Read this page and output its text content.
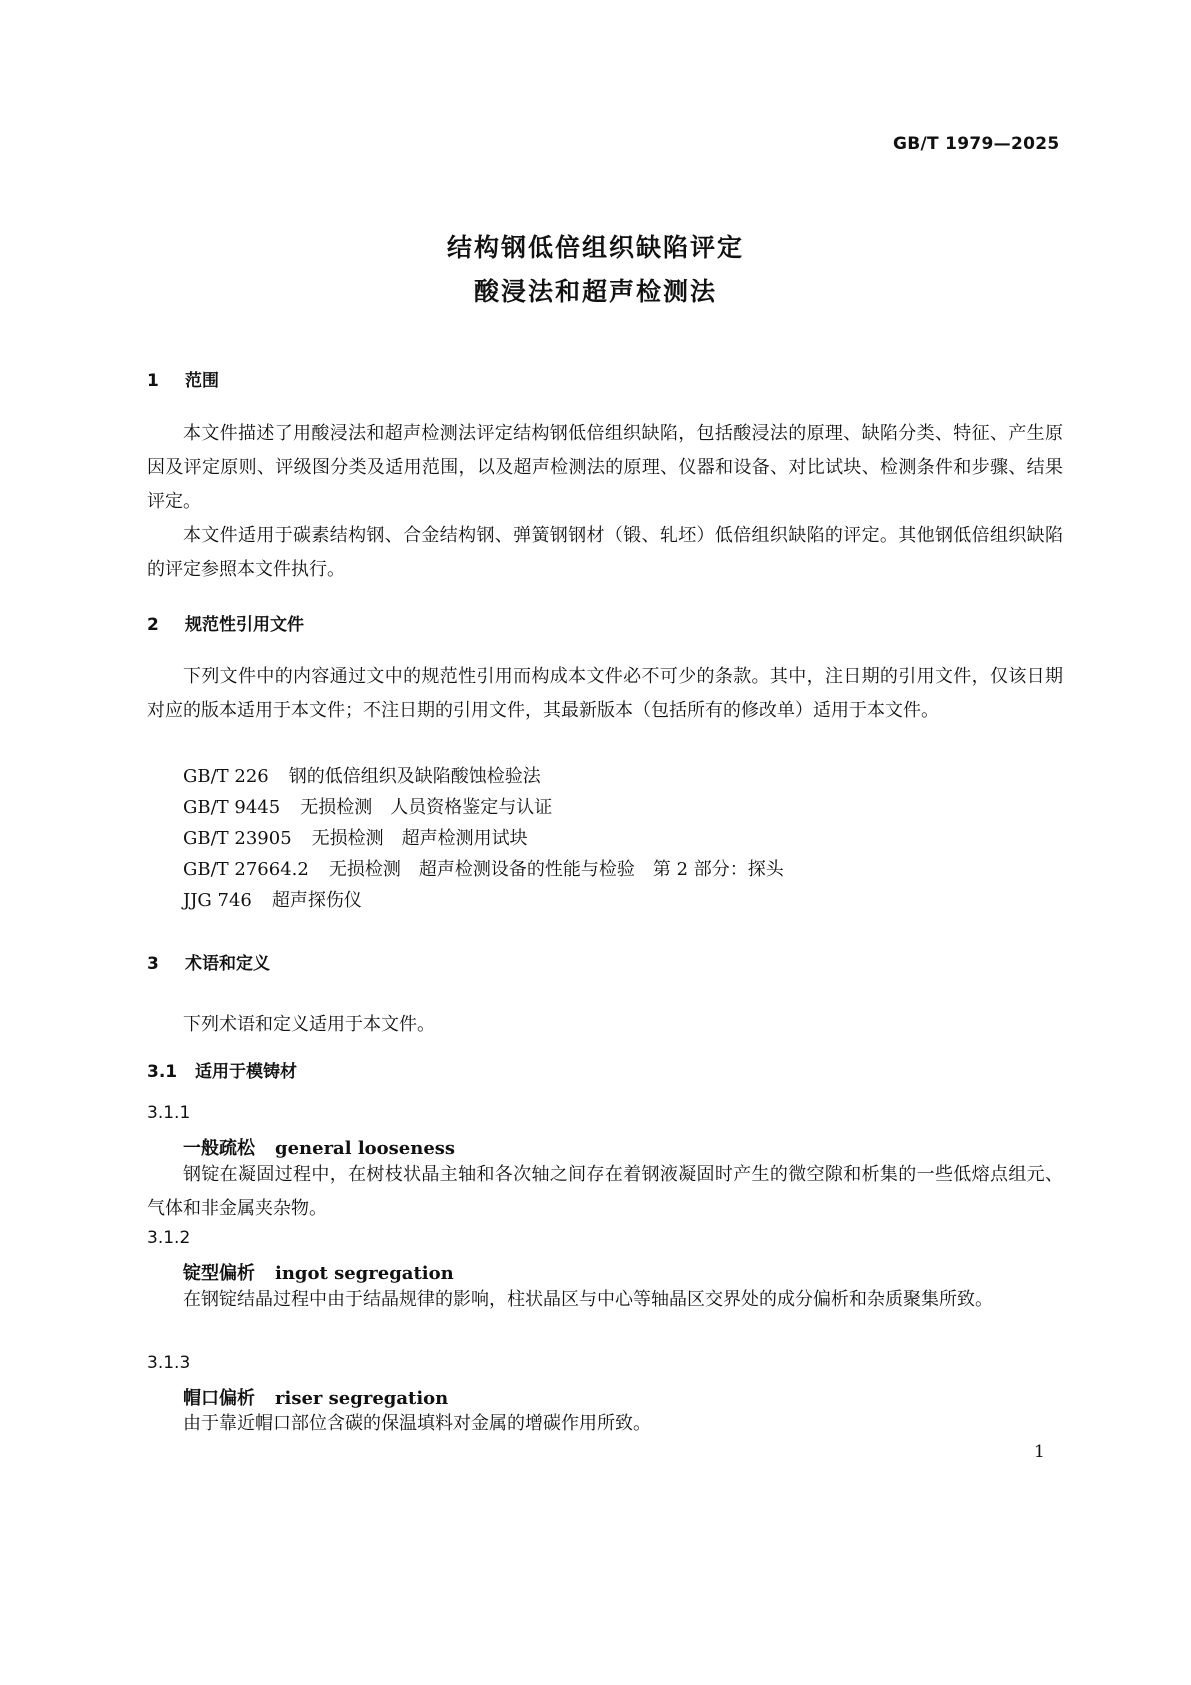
GB/T 1979—2025
结构钢低倍组织缺陷评定
酸浸法和超声检测法
1 范围

本文件描述了用酸浸法和超声检测法评定结构钢低倍组织缺陷，包括酸浸法的原理、缺陷分类、特征、产生原因及评定原则、评级图分类及适用范围，以及超声检测法的原理、仪器和设备、对比试块、检测条件和步骤、结果评定。

本文件适用于碳素结构钢、合金结构钢、弹簧钢钢材（锻、轧坯）低倍组织缺陷的评定。其他钢低倍组织缺陷的评定参照本文件执行。

2 规范性引用文件

下列文件中的内容通过文中的规范性引用而构成本文件必不可少的条款。其中，注日期的引用文件，仅该日期对应的版本适用于本文件；不注日期的引用文件，其最新版本（包括所有的修改单）适用于本文件。

GB/T 226 钢的低倍组织及缺陷酸蚀检验法
GB/T 9445 无损检测　人员资格鉴定与认证
GB/T 23905 无损检测　超声检测用试块
GB/T 27664.2 无损检测　超声检测设备的性能与检验　第 2 部分：探头
JJG 746 超声探伤仪
3 术语和定义
下列术语和定义适用于本文件。
3.1 适用于模铸材
3.1.1
一般疏松 general looseness

钢锭在凝固过程中，在树枝状晶主轴和各次轴之间存在着钢液凝固时产生的微空隙和析集的一些低熔点组元、气体和非金属夹杂物。

3.1.2
锭型偏析 ingot segregation

在钢锭结晶过程中由于结晶规律的影响，柱状晶区与中心等轴晶区交界处的成分偏析和杂质聚集所致。

3.1.3
帽口偏析 riser segregation

由于靠近帽口部位含碳的保温填料对金属的增碳作用所致。

1
